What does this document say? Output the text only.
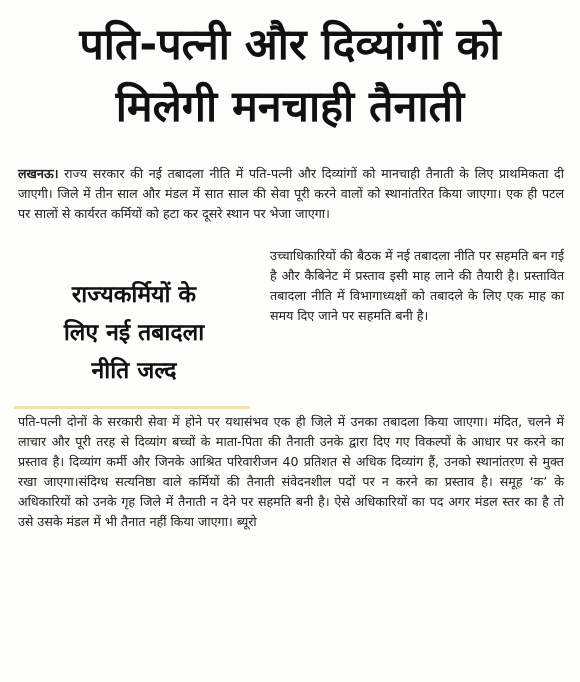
पति-पत्नी और दिव्यांगों को
मिलेगी मनचाही तैनाती

लखनऊ। राज्य सरकार की नई तबादला नीति में पति-पत्नी और दिव्यांगों को मानचाही तैनाती के लिए प्राथमिकता दी जाएगी। जिले में तीन साल और मंडल में सात साल की सेवा पूरी करने वालों को स्थानांतरित किया जाएगा। एक ही पटल पर सालों से कार्यरत कर्मियों को हटा कर दूसरे स्थान पर भेजा जाएगा।

राज्यकर्मियों के
लिए नई तबादला
नीति जल्द

उच्चाधिकारियों की बैठक में नई तबादला नीति पर सहमति बन गई है और कैबिनेट में प्रस्ताव इसी माह लाने की तैयारी है। प्रस्तावित तबादला नीति में विभागाध्यक्षों को तबादले के लिए एक माह का समय दिए जाने पर सहमति बनी है।

पति-पत्नी दोनों के सरकारी सेवा में होने पर यथासंभव एक ही जिले में उनका तबादला किया जाएगा। मंदित, चलने में लाचार और पूरी तरह से दिव्यांग बच्चों के माता-पिता की तैनाती उनके द्वारा दिए गए विकल्पों के आधार पर करने का प्रस्ताव है। दिव्यांग कर्मी और जिनके आश्रित परिवारीजन 40 प्रतिशत से अधिक दिव्यांग हैं, उनको स्थानांतरण से मुक्त रखा जाएगा।संदिग्ध सत्यनिष्ठा वाले कर्मियों की तैनाती संवेदनशील पदों पर न करने का प्रस्ताव है। समूह ‘क’ के अधिकारियों को उनके गृह जिले में तैनाती न देने पर सहमति बनी है। ऐसे अधिकारियों का पद अगर मंडल स्तर का है तो उसे उसके मंडल में भी तैनात नहीं किया जाएगा। ब्यूरो
